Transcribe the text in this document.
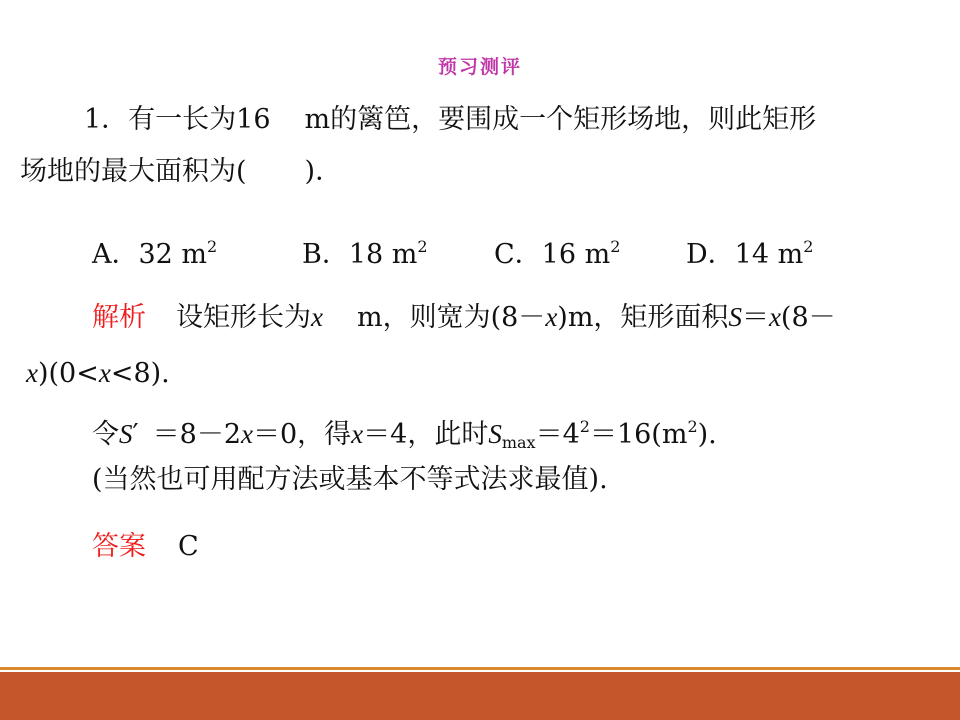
预习测评
1．有一长为16 m的篱笆，要围成一个矩形场地，则此矩形
场地的最大面积为( )．
A．32 $m^2$	B．18 $m^2$ C．16 $m^2$ D．14 $m^2$
解析 设矩形长为x m，则宽为(8－x)m，矩形面积S＝x(8－
x)(0<x<8).
令S′ ＝8－2x＝0，得x＝4，此时$S_{max}=4^2=16(m^2)$.
(当然也可用配方法或基本不等式法求最值).
答案 C
